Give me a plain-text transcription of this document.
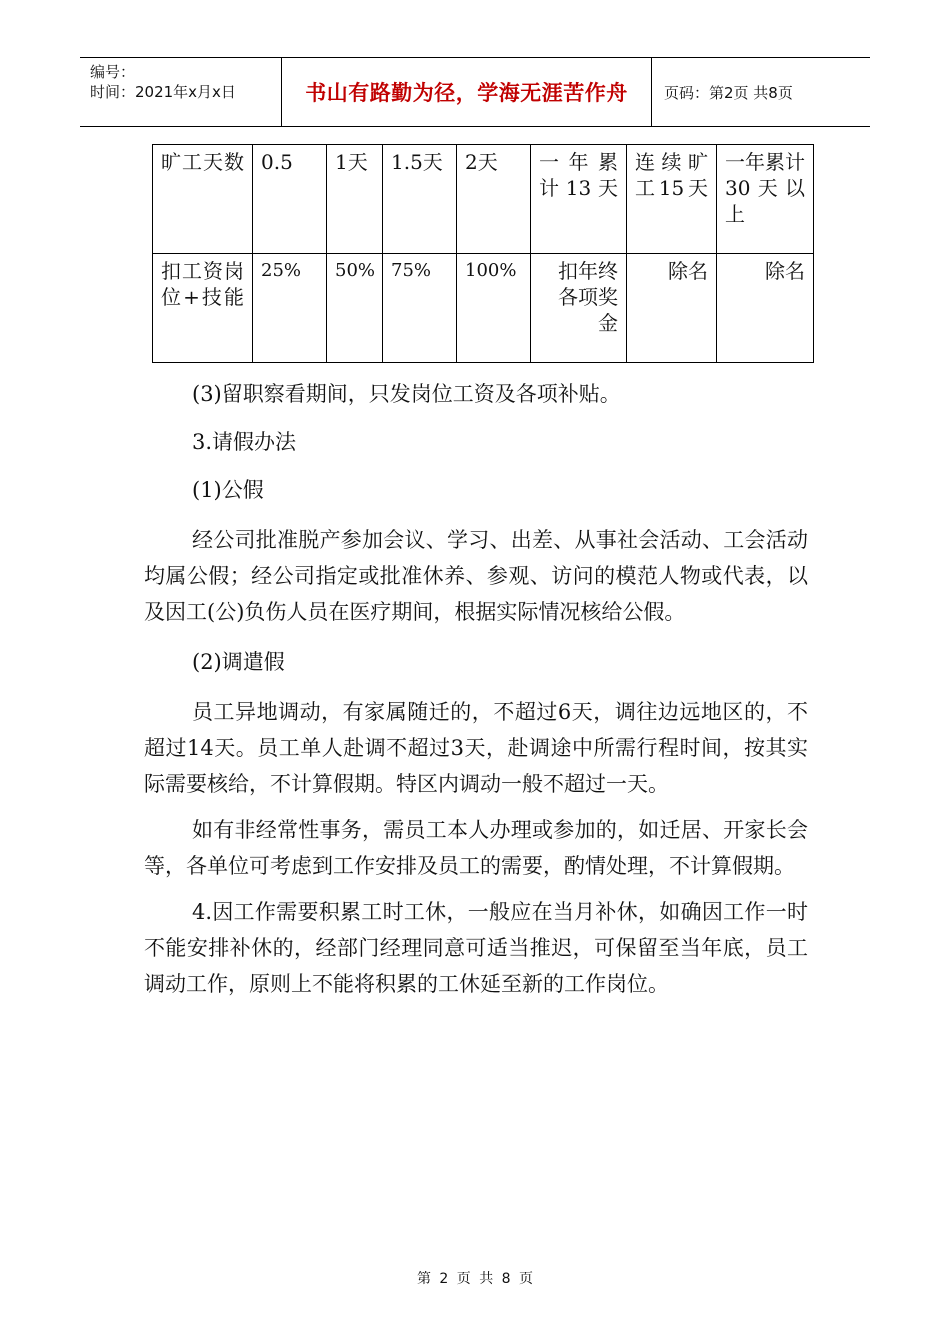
编号：
时间：2021年x月x日	书山有路勤为径，学海无涯苦作舟	页码：第2页 共8页
旷工天数	0.5	1天	1.5天	2天	一年累计13天	连续旷工15天	一年累计30天以上
扣工资岗位+技能	25%	50%	75%	100%	扣年终各项奖金	除名	除名

(3)留职察看期间，只发岗位工资及各项补贴。

3.请假办法

(1)公假

经公司批准脱产参加会议、学习、出差、从事社会活动、工会活动均属公假；经公司指定或批准休养、参观、访问的模范人物或代表，以及因工(公)负伤人员在医疗期间，根据实际情况核给公假。

(2)调遣假

员工异地调动，有家属随迁的，不超过6天，调往边远地区的，不超过14天。员工单人赴调不超过3天，赴调途中所需行程时间，按其实际需要核给，不计算假期。特区内调动一般不超过一天。

如有非经常性事务，需员工本人办理或参加的，如迁居、开家长会等，各单位可考虑到工作安排及员工的需要，酌情处理，不计算假期。

4.因工作需要积累工时工休，一般应在当月补休，如确因工作一时不能安排补休的，经部门经理同意可适当推迟，可保留至当年底，员工调动工作，原则上不能将积累的工休延至新的工作岗位。

第 2 页 共 8 页
